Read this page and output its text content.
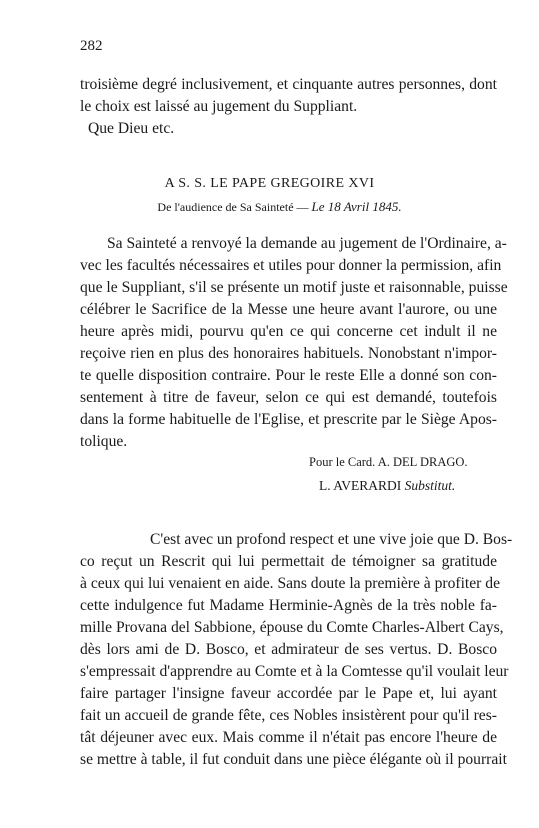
282
troisième degré inclusivement, et cinquante autres personnes, dont
le choix est laissé au jugement du Suppliant.
Que Dieu etc.
A S. S. LE PAPE GREGOIRE XVI
De l'audience de Sa Sainteté — Le 18 Avril 1845.
Sa Sainteté a renvoyé la demande au jugement de l'Ordinaire, a-
vec les facultés nécessaires et utiles pour donner la permission, afin
que le Suppliant, s'il se présente un motif juste et raisonnable, puisse
célébrer le Sacrifice de la Messe une heure avant l'aurore, ou une
heure après midi, pourvu qu'en ce qui concerne cet indult il ne
reçoive rien en plus des honoraires habituels. Nonobstant n'impor-
te quelle disposition contraire. Pour le reste Elle a donné son con-
sentement à titre de faveur, selon ce qui est demandé, toutefois
dans la forme habituelle de l'Eglise, et prescrite par le Siège Apos-
tolique.
Pour le Card. A. DEL DRAGO.
L. AVERARDI Substitut.
C'est avec un profond respect et une vive joie que D. Bos-
co reçut un Rescrit qui lui permettait de témoigner sa gratitude
à ceux qui lui venaient en aide. Sans doute la première à profiter de
cette indulgence fut Madame Herminie-Agnès de la très noble fa-
mille Provana del Sabbione, épouse du Comte Charles-Albert Cays,
dès lors ami de D. Bosco, et admirateur de ses vertus. D. Bosco
s'empressait d'apprendre au Comte et à la Comtesse qu'il voulait leur
faire partager l'insigne faveur accordée par le Pape et, lui ayant
fait un accueil de grande fête, ces Nobles insistèrent pour qu'il res-
tât déjeuner avec eux. Mais comme il n'était pas encore l'heure de
se mettre à table, il fut conduit dans une pièce élégante où il pourrait
